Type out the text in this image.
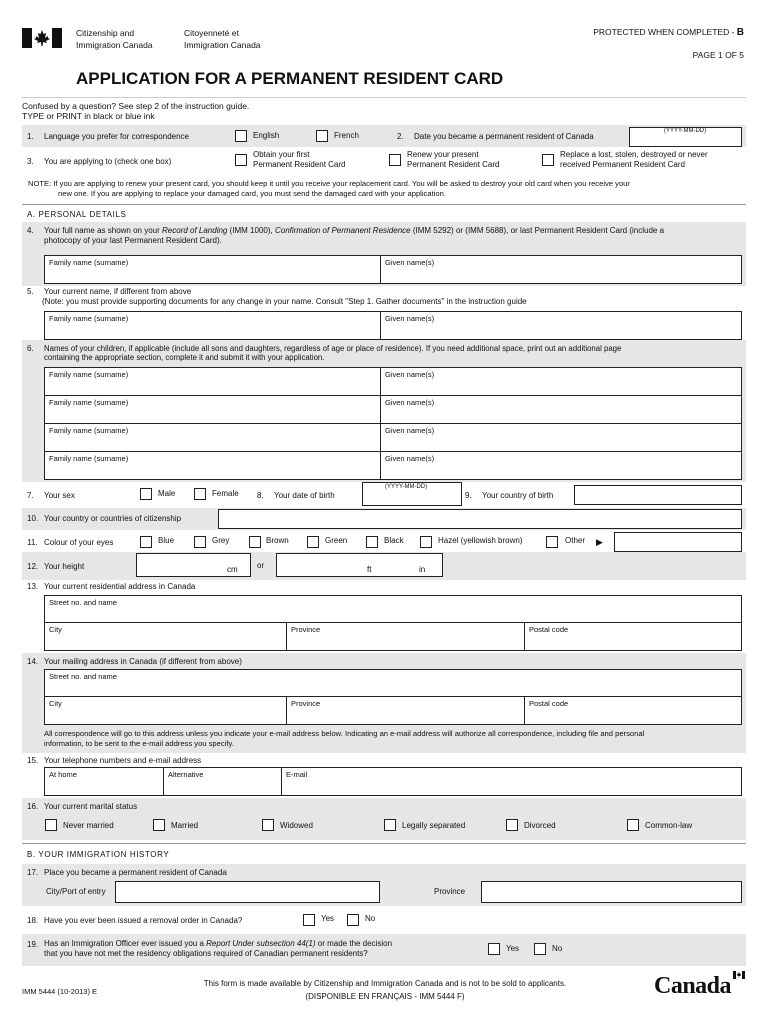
Citizenship and
Immigration Canada
Citoyenneté et
Immigration Canada
PROTECTED WHEN COMPLETED - B
PAGE 1 OF 5
APPLICATION FOR A PERMANENT RESIDENT CARD
Confused by a question? See step 2 of the instruction guide.
TYPE or PRINT in black or blue ink
1. Language you prefer for correspondence	English	French	2. Date you became a permanent resident of Canada
(YYYY-MM-DD)
3. You are applying to (check one box)
Obtain your first
Permanent Resident Card
Renew your present
Permanent Resident Card
Replace a lost, stolen, destroyed or never
received Permanent Resident Card
NOTE: If you are applying to renew your present card, you should keep it until you receive your replacement card. You will be asked to destroy your old card when you receive your
new one. If you are applying to replace your damaged card, you must send the damaged card with your application.
A. PERSONAL DETAILS
4. Your full name as shown on your Record of Landing (IMM 1000), Confirmation of Permanent Residence (IMM 5292) or (IMM 5688), or last Permanent Resident Card (include a
photocopy of your last Permanent Resident Card).
Family name (surname)	Given name(s)
5. Your current name, if different from above
(Note: you must provide supporting documents for any change in your name. Consult "Step 1. Gather documents" in the instruction guide
Family name (surname)	Given name(s)
6. Names of your children, if applicable (include all sons and daughters, regardless of age or place of residence). If you need additional space, print out an additional page
containing the appropriate section, complete it and submit it with your application.
Family name (surname)	Given name(s)
Family name (surname)	Given name(s)
Family name (surname)	Given name(s)
Family name (surname)	Given name(s)
7. Your sex	Male	Female 8. Your date of birth
(YYYY-MM-DD)
9. Your country of birth
10. Your country or countries of citizenship
11. Colour of your eyes	Blue	Grey	Brown	Green	Black	Hazel (yellowish brown)	Other ▶
12. Your height	cm or	ft	in
13. Your current residential address in Canada
Street no. and name
City	Province	Postal code
14. Your mailing address in Canada (if different from above)
Street no. and name
City	Province	Postal code
All correspondence will go to this address unless you indicate your e-mail address below. Indicating an e-mail address will authorize all correspondence, including file and personal
information, to be sent to the e-mail address you specify.
15. Your telephone numbers and e-mail address
At home	Alternative	E-mail
16. Your current marital status
Never married	Married	Widowed	Legally separated	Divorced	Common-law
B. YOUR IMMIGRATION HISTORY
17. Place you became a permanent resident of Canada
City/Port of entry	Province
18. Have you ever been issued a removal order in Canada?	Yes	No
19. Has an Immigration Officer ever issued you a Report Under subsection 44(1) or made the decision
that you have not met the residency obligations required of Canadian permanent residents?
Yes	No
IMM 5444 (10-2013) E
This form is made available by Citizenship and Immigration Canada and is not to be sold to applicants.
(DISPONIBLE EN FRANÇAIS - IMM 5444 F)	Canada
